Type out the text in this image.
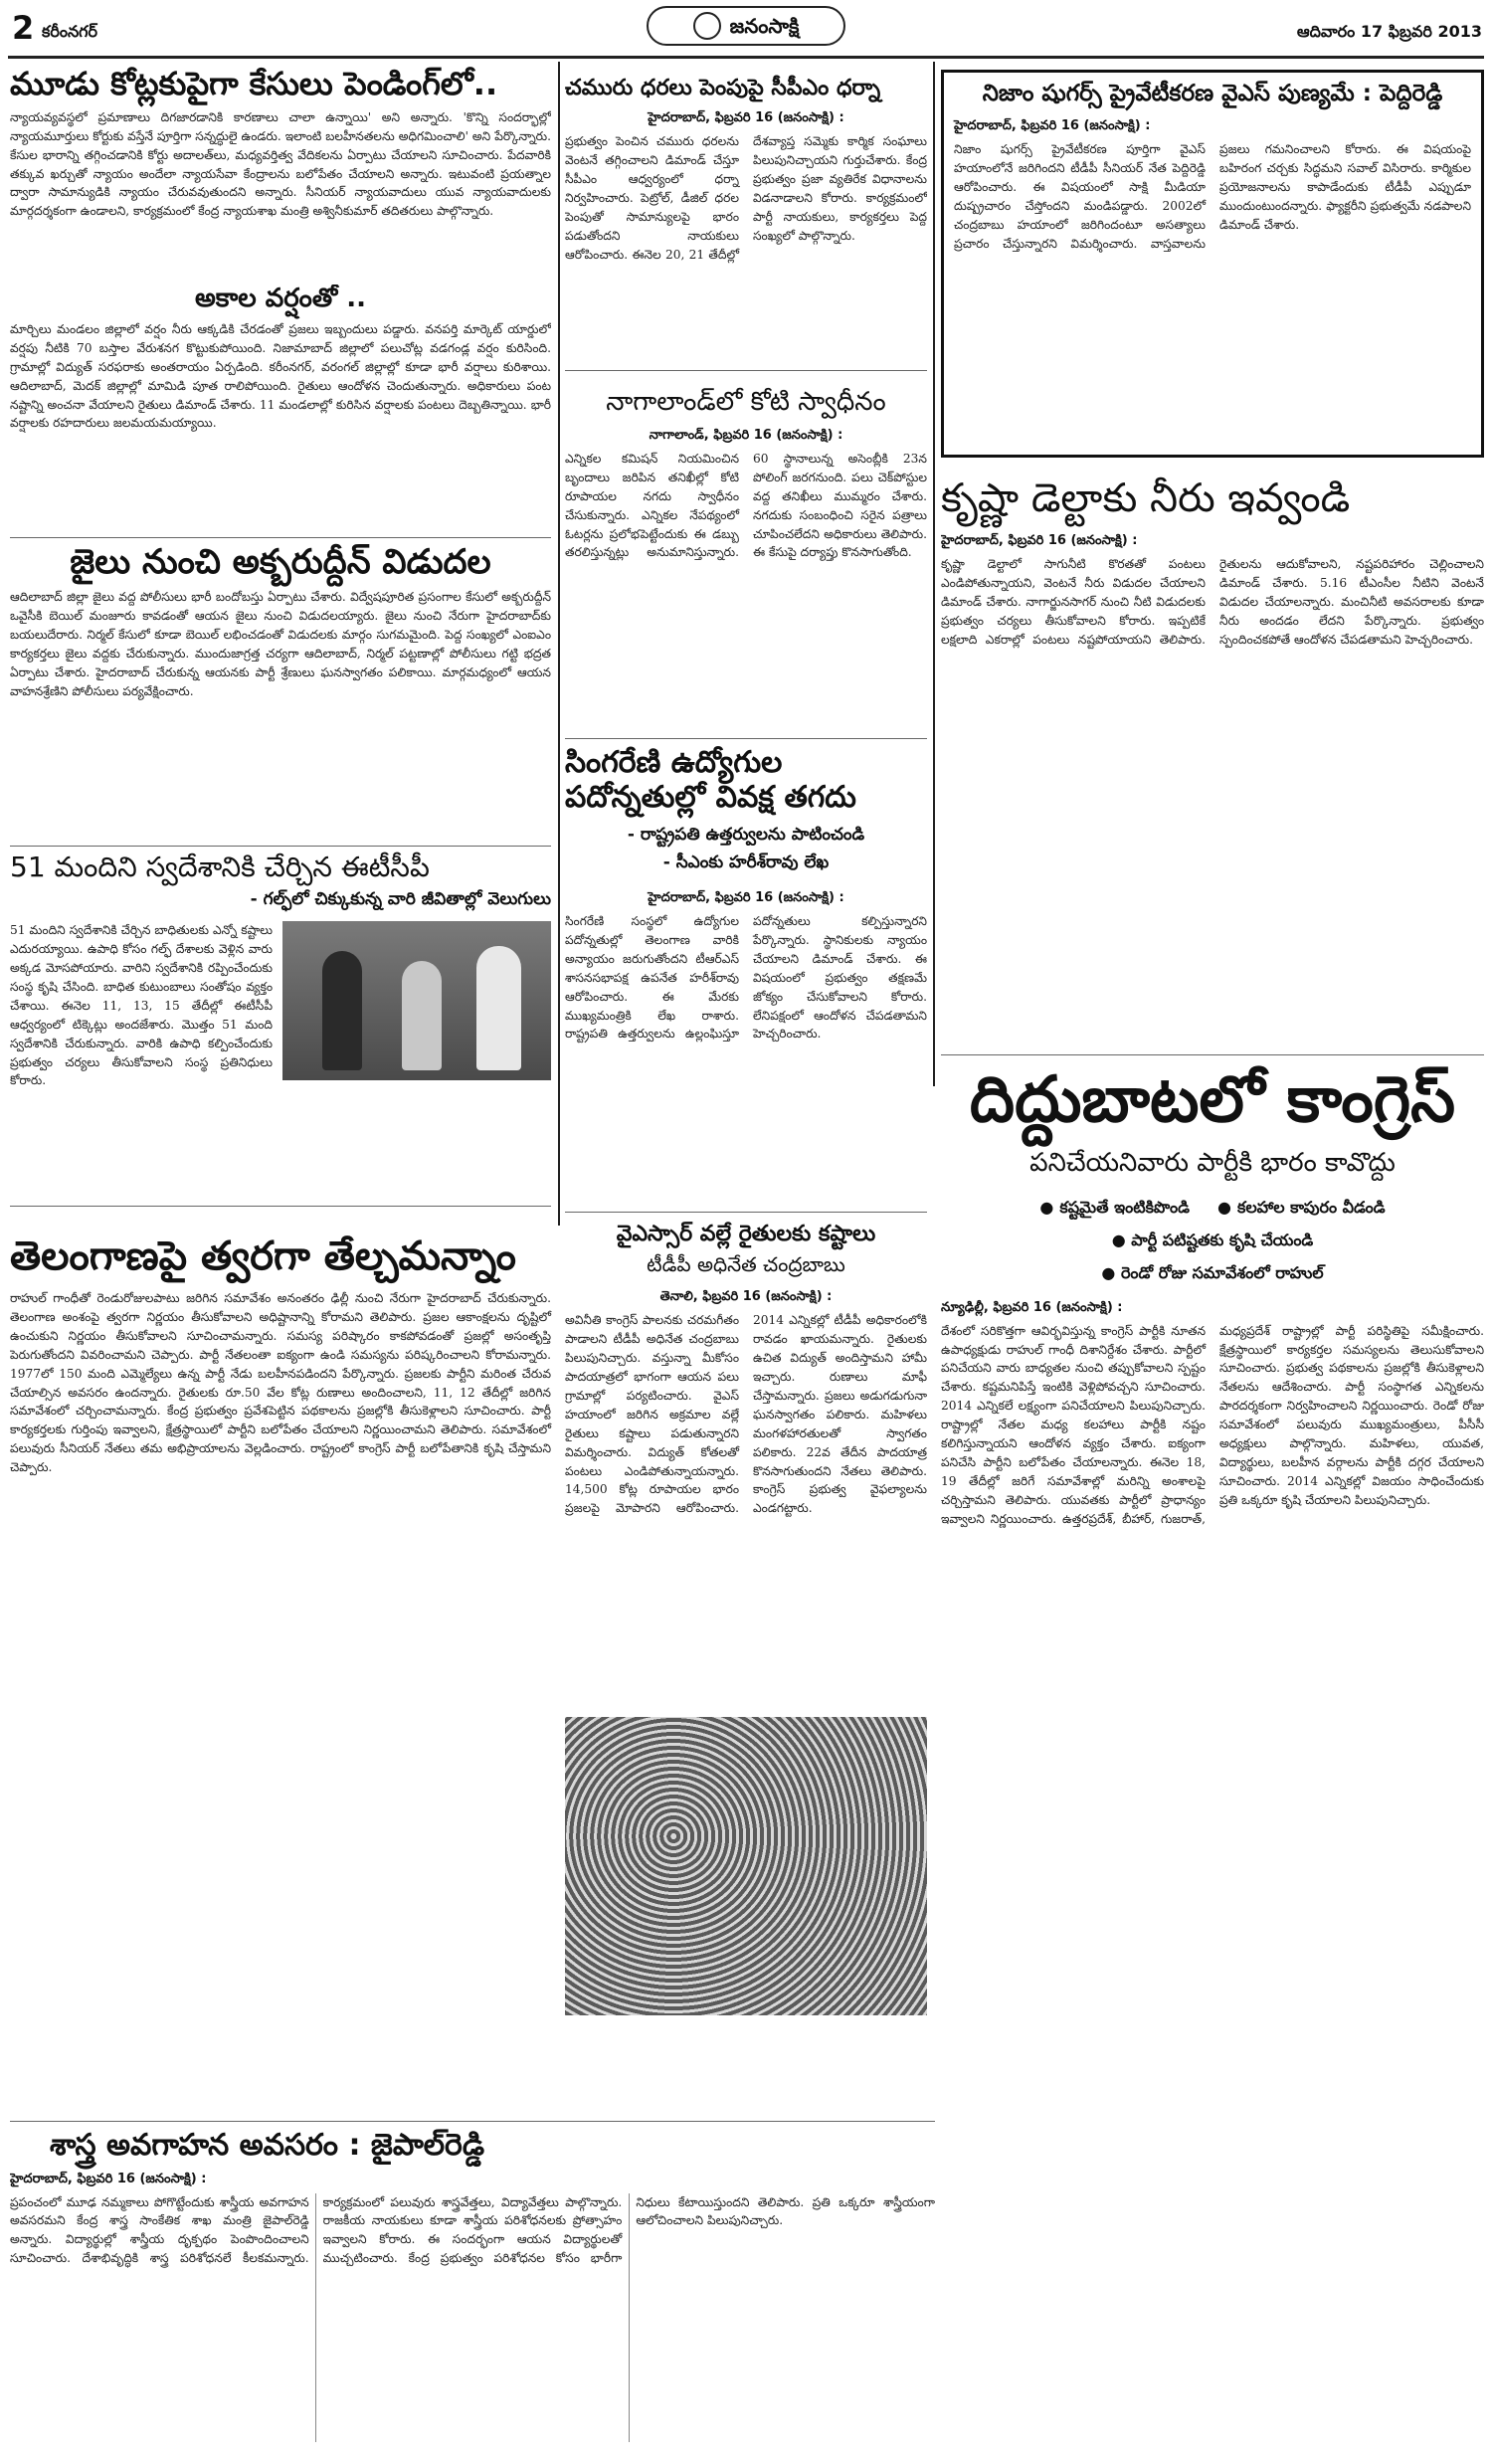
2 కరీంనగర్	జనంసాక్షి	ఆదివారం 17 ఫిబ్రవరి 2013
మూడు కోట్లకుపైగా కేసులు పెండింగ్‌లో..
న్యాయవ్యవస్థలో ప్రమాణాలు దిగజారడానికి కారణాలు చాలా ఉన్నాయి' అని అన్నారు. 'కొన్ని సందర్భాల్లో న్యాయమూర్తులు కోర్టుకు వస్తేనే పూర్తిగా సన్నద్ధులై ఉండరు. ఇలాంటి బలహీనతలను అధిగమించాలి' అని పేర్కొన్నారు. కేసుల భారాన్ని తగ్గించడానికి కోర్టు అదాలత్‌లు, మధ్యవర్తిత్వ వేదికలను ఏర్పాటు చేయాలని సూచించారు. పేదవారికి తక్కువ ఖర్చుతో న్యాయం అందేలా న్యాయసేవా కేంద్రాలను బలోపేతం చేయాలని అన్నారు. ఇటువంటి ప్రయత్నాల ద్వారా సామాన్యుడికి న్యాయం చేరువవుతుందని అన్నారు. సీనియర్ న్యాయవాదులు యువ న్యాయవాదులకు మార్గదర్శకంగా ఉండాలని, కార్యక్రమంలో కేంద్ర న్యాయశాఖ మంత్రి అశ్వినీకుమార్ తదితరులు పాల్గొన్నారు.
అకాల వర్షంతో ..
మార్చిలు మండలం జిల్లాలో వర్షం నీరు ఆక్కడికి చేరడంతో ప్రజలు ఇబ్బందులు పడ్డారు. వనపర్తి మార్కెట్ యార్డులో వర్షపు నీటికి 70 బస్తాల వేరుశనగ కొట్టుకుపోయింది. నిజామాబాద్ జిల్లాలో పలుచోట్ల వడగండ్ల వర్షం కురిసింది. గ్రామాల్లో విద్యుత్ సరఫరాకు అంతరాయం ఏర్పడింది. కరీంనగర్, వరంగల్ జిల్లాల్లో కూడా భారీ వర్షాలు కురిశాయి. ఆదిలాబాద్, మెదక్ జిల్లాల్లో మామిడి పూత రాలిపోయింది. రైతులు ఆందోళన చెందుతున్నారు. అధికారులు పంట నష్టాన్ని అంచనా వేయాలని రైతులు డిమాండ్ చేశారు. 11 మండలాల్లో కురిసిన వర్షాలకు పంటలు దెబ్బతిన్నాయి. భారీ వర్షాలకు రహదారులు జలమయమయ్యాయి.
జైలు నుంచి అక్బరుద్దీన్ విడుదల
ఆదిలాబాద్ జిల్లా జైలు వద్ద పోలీసులు భారీ బందోబస్తు ఏర్పాటు చేశారు. విద్వేషపూరిత ప్రసంగాల కేసులో అక్బరుద్దీన్ ఒవైసీకి బెయిల్ మంజూరు కావడంతో ఆయన జైలు నుంచి విడుదలయ్యారు. జైలు నుంచి నేరుగా హైదరాబాద్‌కు బయలుదేరారు. నిర్మల్ కేసులో కూడా బెయిల్ లభించడంతో విడుదలకు మార్గం సుగమమైంది. పెద్ద సంఖ్యలో ఎంఐఎం కార్యకర్తలు జైలు వద్దకు చేరుకున్నారు. ముందుజాగ్రత్త చర్యగా ఆదిలాబాద్, నిర్మల్ పట్టణాల్లో పోలీసులు గట్టి భద్రత ఏర్పాటు చేశారు. హైదరాబాద్ చేరుకున్న ఆయనకు పార్టీ శ్రేణులు ఘనస్వాగతం పలికాయి. మార్గమధ్యంలో ఆయన వాహనశ్రేణిని పోలీసులు పర్యవేక్షించారు.
51 మందిని స్వదేశానికి చేర్చిన ఈటీసీపీ
- గల్ఫ్‌లో చిక్కుకున్న వారి జీవితాల్లో వెలుగులు
51 మందిని స్వదేశానికి చేర్చిన బాధితులకు ఎన్నో కష్టాలు ఎదురయ్యాయి. ఉపాధి కోసం గల్ఫ్ దేశాలకు వెళ్లిన వారు అక్కడ మోసపోయారు. వారిని స్వదేశానికి రప్పించేందుకు సంస్థ కృషి చేసింది. బాధిత కుటుంబాలు సంతోషం వ్యక్తం చేశాయి. ఈనెల 11, 13, 15 తేదీల్లో ఈటీసీపీ ఆధ్వర్యంలో టిక్కెట్లు అందజేశారు. మొత్తం 51 మంది స్వదేశానికి చేరుకున్నారు. వారికి ఉపాధి కల్పించేందుకు ప్రభుత్వం చర్యలు తీసుకోవాలని సంస్థ ప్రతినిధులు కోరారు.
తెలంగాణపై త్వరగా తేల్చమన్నాం
రాహుల్ గాంధీతో రెండురోజులపాటు జరిగిన సమావేశం అనంతరం ఢిల్లీ నుంచి నేరుగా హైదరాబాద్ చేరుకున్నారు. తెలంగాణ అంశంపై త్వరగా నిర్ణయం తీసుకోవాలని అధిష్టానాన్ని కోరామని తెలిపారు. ప్రజల ఆకాంక్షలను దృష్టిలో ఉంచుకుని నిర్ణయం తీసుకోవాలని సూచించామన్నారు. సమస్య పరిష్కారం కాకపోవడంతో ప్రజల్లో అసంతృప్తి పెరుగుతోందని వివరించామని చెప్పారు. పార్టీ నేతలంతా ఐక్యంగా ఉండి సమస్యను పరిష్కరించాలని కోరామన్నారు. 1977లో 150 మంది ఎమ్మెల్యేలు ఉన్న పార్టీ నేడు బలహీనపడిందని పేర్కొన్నారు. ప్రజలకు పార్టీని మరింత చేరువ చేయాల్సిన అవసరం ఉందన్నారు. రైతులకు రూ.50 వేల కోట్ల రుణాలు అందించాలని, 11, 12 తేదీల్లో జరిగిన సమావేశంలో చర్చించామన్నారు. కేంద్ర ప్రభుత్వం ప్రవేశపెట్టిన పథకాలను ప్రజల్లోకి తీసుకెళ్లాలని సూచించారు. పార్టీ కార్యకర్తలకు గుర్తింపు ఇవ్వాలని, క్షేత్రస్థాయిలో పార్టీని బలోపేతం చేయాలని నిర్ణయించామని తెలిపారు. సమావేశంలో పలువురు సీనియర్ నేతలు తమ అభిప్రాయాలను వెల్లడించారు. రాష్ట్రంలో కాంగ్రెస్ పార్టీ బలోపేతానికి కృషి చేస్తామని చెప్పారు.
శాస్త్ర అవగాహన అవసరం : జైపాల్‌రెడ్డి
హైదరాబాద్, ఫిబ్రవరి 16 (జనంసాక్షి) :
ప్రపంచంలో మూఢ నమ్మకాలు పోగొట్టేందుకు శాస్త్రీయ అవగాహన అవసరమని కేంద్ర శాస్త్ర సాంకేతిక శాఖ మంత్రి జైపాల్‌రెడ్డి అన్నారు. విద్యార్థుల్లో శాస్త్రీయ దృక్పథం పెంపొందించాలని సూచించారు. దేశాభివృద్ధికి శాస్త్ర పరిశోధనలే కీలకమన్నారు. కార్యక్రమంలో పలువురు శాస్త్రవేత్తలు, విద్యావేత్తలు పాల్గొన్నారు. రాజకీయ నాయకులు కూడా శాస్త్రీయ పరిశోధనలకు ప్రోత్సాహం ఇవ్వాలని కోరారు. ఈ సందర్భంగా ఆయన విద్యార్థులతో ముచ్చటించారు. కేంద్ర ప్రభుత్వం పరిశోధనల కోసం భారీగా నిధులు కేటాయిస్తుందని తెలిపారు. ప్రతి ఒక్కరూ శాస్త్రీయంగా ఆలోచించాలని పిలుపునిచ్చారు.
చమురు ధరలు పెంపుపై సీపీఎం ధర్నా
హైదరాబాద్, ఫిబ్రవరి 16 (జనంసాక్షి) :
ప్రభుత్వం పెంచిన చమురు ధరలను వెంటనే తగ్గించాలని డిమాండ్ చేస్తూ సీపీఎం ఆధ్వర్యంలో ధర్నా నిర్వహించారు. పెట్రోల్, డీజిల్ ధరల పెంపుతో సామాన్యులపై భారం పడుతోందని నాయకులు ఆరోపించారు. ఈనెల 20, 21 తేదీల్లో దేశవ్యాప్త సమ్మెకు కార్మిక సంఘాలు పిలుపునిచ్చాయని గుర్తుచేశారు. కేంద్ర ప్రభుత్వం ప్రజా వ్యతిరేక విధానాలను విడనాడాలని కోరారు. కార్యక్రమంలో పార్టీ నాయకులు, కార్యకర్తలు పెద్ద సంఖ్యలో పాల్గొన్నారు.
నాగాలాండ్‌లో కోటి స్వాధీనం
నాగాలాండ్, ఫిబ్రవరి 16 (జనంసాక్షి) :
ఎన్నికల కమిషన్ నియమించిన బృందాలు జరిపిన తనిఖీల్లో కోటి రూపాయల నగదు స్వాధీనం చేసుకున్నారు. ఎన్నికల నేపథ్యంలో ఓటర్లను ప్రలోభపెట్టేందుకు ఈ డబ్బు తరలిస్తున్నట్లు అనుమానిస్తున్నారు. 60 స్థానాలున్న అసెంబ్లీకి 23న పోలింగ్ జరగనుంది. పలు చెక్‌పోస్టుల వద్ద తనిఖీలు ముమ్మరం చేశారు. నగదుకు సంబంధించి సరైన పత్రాలు చూపించలేదని అధికారులు తెలిపారు. ఈ కేసుపై దర్యాప్తు కొనసాగుతోంది.
సింగరేణి ఉద్యోగుల పదోన్నతుల్లో వివక్ష తగదు
- రాష్ట్రపతి ఉత్తర్వులను పాటించండి
- సీఎంకు హరీశ్‌రావు లేఖ
హైదరాబాద్, ఫిబ్రవరి 16 (జనంసాక్షి) :
సింగరేణి సంస్థలో ఉద్యోగుల పదోన్నతుల్లో తెలంగాణ వారికి అన్యాయం జరుగుతోందని టీఆర్ఎస్ శాసనసభాపక్ష ఉపనేత హరీశ్‌రావు ఆరోపించారు. ఈ మేరకు ముఖ్యమంత్రికి లేఖ రాశారు. రాష్ట్రపతి ఉత్తర్వులను ఉల్లంఘిస్తూ పదోన్నతులు కల్పిస్తున్నారని పేర్కొన్నారు. స్థానికులకు న్యాయం చేయాలని డిమాండ్ చేశారు. ఈ విషయంలో ప్రభుత్వం తక్షణమే జోక్యం చేసుకోవాలని కోరారు. లేనిపక్షంలో ఆందోళన చేపడతామని హెచ్చరించారు.
వైఎస్సార్ వల్లే రైతులకు కష్టాలు
టీడీపీ అధినేత చంద్రబాబు
తెనాలి, ఫిబ్రవరి 16 (జనంసాక్షి) :
అవినీతి కాంగ్రెస్ పాలనకు చరమగీతం పాడాలని టీడీపీ అధినేత చంద్రబాబు పిలుపునిచ్చారు. వస్తున్నా మీకోసం పాదయాత్రలో భాగంగా ఆయన పలు గ్రామాల్లో పర్యటించారు. వైఎస్ హయాంలో జరిగిన అక్రమాల వల్లే రైతులు కష్టాలు పడుతున్నారని విమర్శించారు. విద్యుత్ కోతలతో పంటలు ఎండిపోతున్నాయన్నారు. 14,500 కోట్ల రూపాయల భారం ప్రజలపై మోపారని ఆరోపించారు. 2014 ఎన్నికల్లో టీడీపీ అధికారంలోకి రావడం ఖాయమన్నారు. రైతులకు ఉచిత విద్యుత్ అందిస్తామని హామీ ఇచ్చారు. రుణాలు మాఫీ చేస్తామన్నారు. ప్రజలు అడుగడుగునా ఘనస్వాగతం పలికారు. మహిళలు మంగళహారతులతో స్వాగతం పలికారు. 22వ తేదీన పాదయాత్ర కొనసాగుతుందని నేతలు తెలిపారు. కాంగ్రెస్ ప్రభుత్వ వైఫల్యాలను ఎండగట్టారు.
నిజాం షుగర్స్ ప్రైవేటీకరణ వైఎస్ పుణ్యమే : పెద్దిరెడ్డి
హైదరాబాద్, ఫిబ్రవరి 16 (జనంసాక్షి) :
నిజాం షుగర్స్ ప్రైవేటీకరణ పూర్తిగా వైఎస్ హయాంలోనే జరిగిందని టీడీపీ సీనియర్ నేత పెద్దిరెడ్డి ఆరోపించారు. ఈ విషయంలో సాక్షి మీడియా దుష్ప్రచారం చేస్తోందని మండిపడ్డారు. 2002లో చంద్రబాబు హయాంలో జరిగిందంటూ అసత్యాలు ప్రచారం చేస్తున్నారని విమర్శించారు. వాస్తవాలను ప్రజలు గమనించాలని కోరారు. ఈ విషయంపై బహిరంగ చర్చకు సిద్ధమని సవాల్ విసిరారు. కార్మికుల ప్రయోజనాలను కాపాడేందుకు టీడీపీ ఎప్పుడూ ముందుంటుందన్నారు. ఫ్యాక్టరీని ప్రభుత్వమే నడపాలని డిమాండ్ చేశారు.
కృష్ణా డెల్టాకు నీరు ఇవ్వండి
హైదరాబాద్, ఫిబ్రవరి 16 (జనంసాక్షి) :
కృష్ణా డెల్టాలో సాగునీటి కొరతతో పంటలు ఎండిపోతున్నాయని, వెంటనే నీరు విడుదల చేయాలని డిమాండ్ చేశారు. నాగార్జునసాగర్ నుంచి నీటి విడుదలకు ప్రభుత్వం చర్యలు తీసుకోవాలని కోరారు. ఇప్పటికే లక్షలాది ఎకరాల్లో పంటలు నష్టపోయాయని తెలిపారు. రైతులను ఆదుకోవాలని, నష్టపరిహారం చెల్లించాలని డిమాండ్ చేశారు. 5.16 టీఎంసీల నీటిని వెంటనే విడుదల చేయాలన్నారు. మంచినీటి అవసరాలకు కూడా నీరు అందడం లేదని పేర్కొన్నారు. ప్రభుత్వం స్పందించకపోతే ఆందోళన చేపడతామని హెచ్చరించారు.
దిద్దుబాటలో కాంగ్రెస్
పనిచేయనివారు పార్టీకి భారం కావొద్దు
● కష్టమైతే ఇంటికిపొండి ● కలహాల కాపురం వీడండి
● పార్టీ పటిష్టతకు కృషి చేయండి
● రెండో రోజు సమావేశంలో రాహుల్
న్యూఢిల్లీ, ఫిబ్రవరి 16 (జనంసాక్షి) :
దేశంలో సరికొత్తగా ఆవిర్భవిస్తున్న కాంగ్రెస్ పార్టీకి నూతన ఉపాధ్యక్షుడు రాహుల్ గాంధీ దిశానిర్దేశం చేశారు. పార్టీలో పనిచేయని వారు బాధ్యతల నుంచి తప్పుకోవాలని స్పష్టం చేశారు. కష్టమనిపిస్తే ఇంటికి వెళ్లిపోవచ్చని సూచించారు. 2014 ఎన్నికలే లక్ష్యంగా పనిచేయాలని పిలుపునిచ్చారు. రాష్ట్రాల్లో నేతల మధ్య కలహాలు పార్టీకి నష్టం కలిగిస్తున్నాయని ఆందోళన వ్యక్తం చేశారు. ఐక్యంగా పనిచేసి పార్టీని బలోపేతం చేయాలన్నారు. ఈనెల 18, 19 తేదీల్లో జరిగే సమావేశాల్లో మరిన్ని అంశాలపై చర్చిస్తామని తెలిపారు. యువతకు పార్టీలో ప్రాధాన్యం ఇవ్వాలని నిర్ణయించారు. ఉత్తరప్రదేశ్, బీహార్, గుజరాత్, మధ్యప్రదేశ్ రాష్ట్రాల్లో పార్టీ పరిస్థితిపై సమీక్షించారు. క్షేత్రస్థాయిలో కార్యకర్తల సమస్యలను తెలుసుకోవాలని సూచించారు. ప్రభుత్వ పథకాలను ప్రజల్లోకి తీసుకెళ్లాలని నేతలను ఆదేశించారు. పార్టీ సంస్థాగత ఎన్నికలను పారదర్శకంగా నిర్వహించాలని నిర్ణయించారు. రెండో రోజు సమావేశంలో పలువురు ముఖ్యమంత్రులు, పీసీసీ అధ్యక్షులు పాల్గొన్నారు. మహిళలు, యువత, విద్యార్థులు, బలహీన వర్గాలను పార్టీకి దగ్గర చేయాలని సూచించారు. 2014 ఎన్నికల్లో విజయం సాధించేందుకు ప్రతి ఒక్కరూ కృషి చేయాలని పిలుపునిచ్చారు.
